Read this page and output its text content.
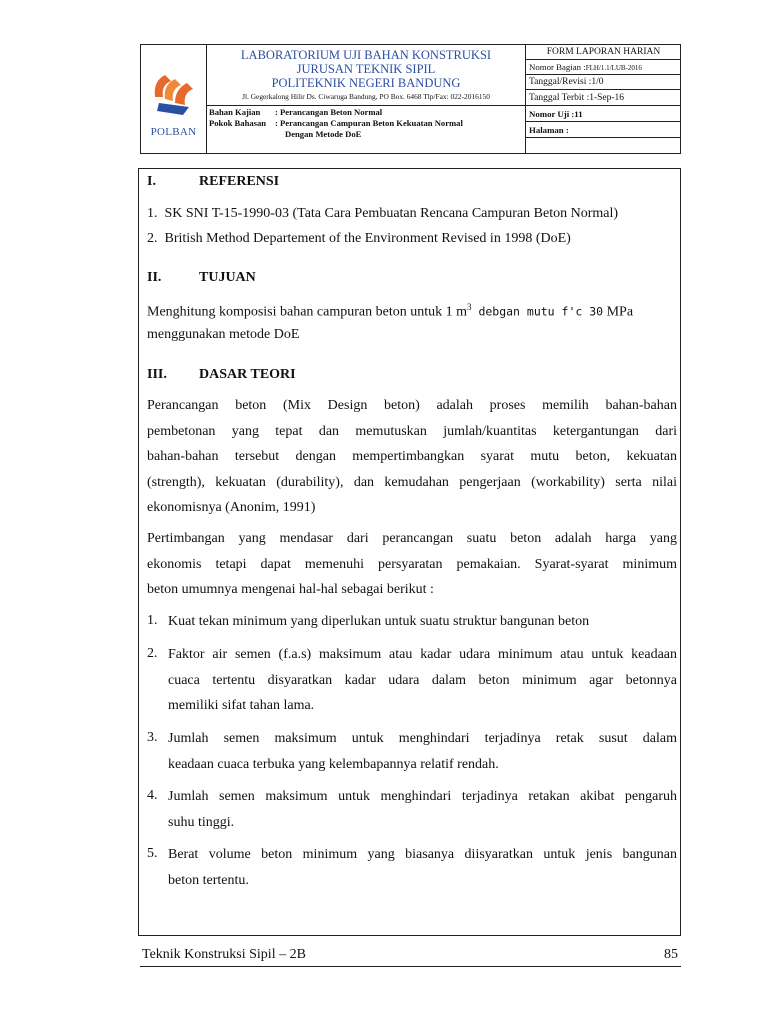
POLBAN
LABORATORIUM UJI BAHAN KONSTRUKSI
JURUSAN TEKNIK SIPIL
POLITEKNIK NEGERI BANDUNG
Jl. Gegerkalong Hilir Ds. Ciwaruga Bandung, PO Box. 6468 Tlp/Fax: 022-2016150
Bahan Kajian : Perancangan Beton Normal
Pokok Bahasan : Perancangan Campuran Beton Kekuatan Normal
Dengan Metode DoE
FORM LAPORAN HARIAN
Nomor Bagian :FLH/1.1/LUB-2016
Tanggal/Revisi :1/0
Tanggal Terbit :1-Sep-16
Nomor Uji :11
Halaman :
I.	REFERENSI
1. SK SNI T-15-1990-03 (Tata Cara Pembuatan Rencana Campuran Beton Normal)
2. British Method Departement of the Environment Revised in 1998 (DoE)
II.	TUJUAN
Menghitung komposisi bahan campuran beton untuk 1 $m^3$ debgan mutu f'c 30 MPa
menggunakan metode DoE
III. DASAR TEORI
Perancangan beton (Mix Design beton) adalah proses memilih bahan-bahan
pembetonan yang tepat dan memutuskan jumlah/kuantitas ketergantungan dari
bahan-bahan tersebut dengan mempertimbangkan syarat mutu beton, kekuatan
(strength), kekuatan (durability), dan kemudahan pengerjaan (workability) serta nilai
ekonomisnya (Anonim, 1991)
Pertimbangan yang mendasar dari perancangan suatu beton adalah harga yang
ekonomis tetapi dapat memenuhi persyaratan pemakaian. Syarat-syarat minimum
beton umumnya mengenai hal-hal sebagai berikut :
1. Kuat tekan minimum yang diperlukan untuk suatu struktur bangunan beton
2. Faktor air semen (f.a.s) maksimum atau kadar udara minimum atau untuk keadaan
cuaca tertentu disyaratkan kadar udara dalam beton minimum agar betonnya
memiliki sifat tahan lama.
3. Jumlah semen maksimum untuk menghindari terjadinya retak susut dalam
keadaan cuaca terbuka yang kelembapannya relatif rendah.
4. Jumlah semen maksimum untuk menghindari terjadinya retakan akibat pengaruh
suhu tinggi.
5. Berat volume beton minimum yang biasanya diisyaratkan untuk jenis bangunan
beton tertentu.
Teknik Konstruksi Sipil – 2B	85
